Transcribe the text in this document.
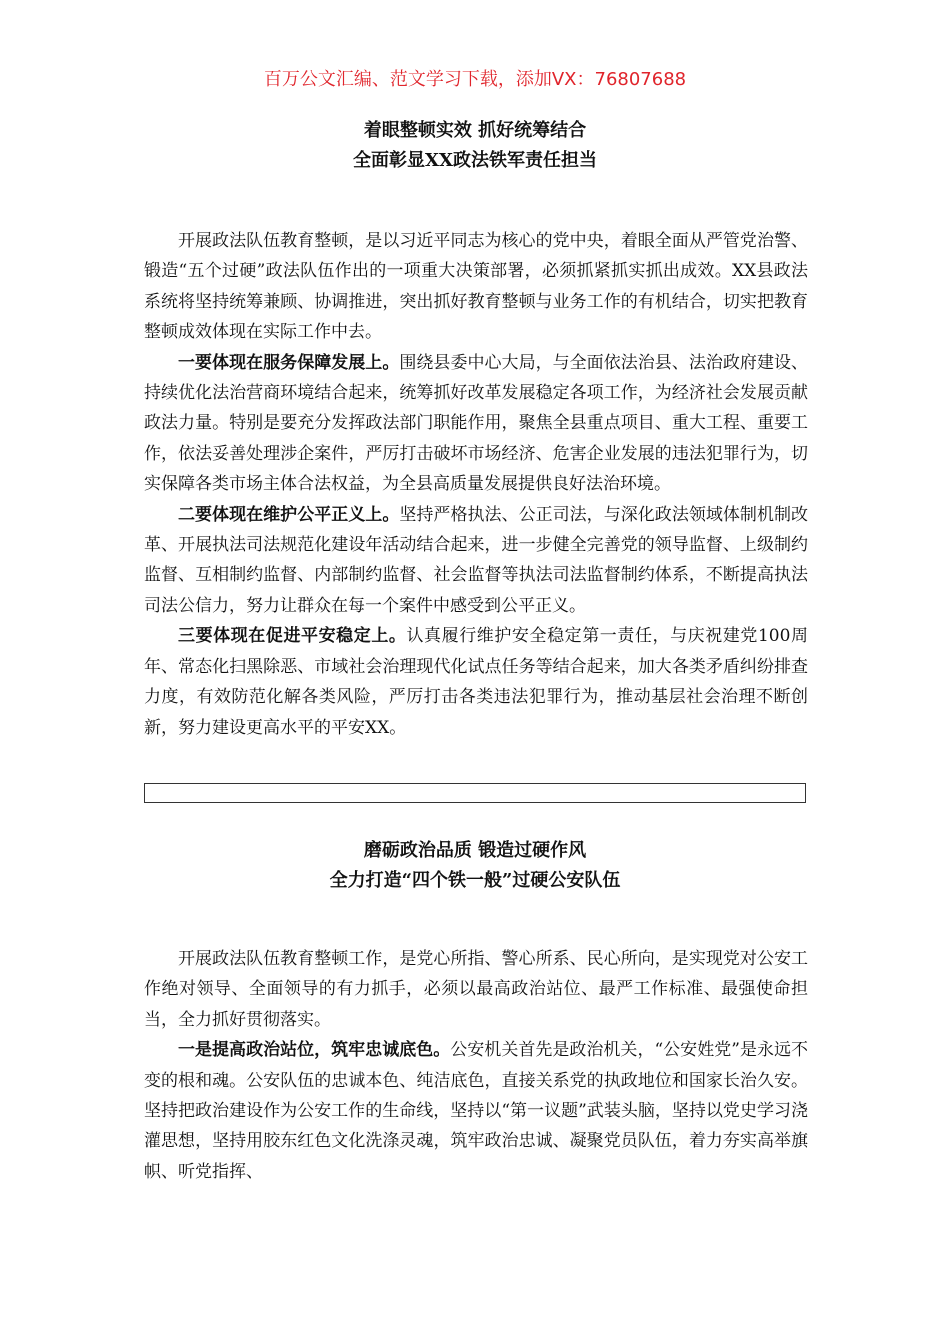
百万公文汇编、范文学习下载，添加VX：76807688
着眼整顿实效 抓好统筹结合
全面彰显XX政法铁军责任担当

开展政法队伍教育整顿，是以习近平同志为核心的党中央，着眼全面从严管党治警、锻造“五个过硬”政法队伍作出的一项重大决策部署，必须抓紧抓实抓出成效。XX县政法系统将坚持统筹兼顾、协调推进，突出抓好教育整顿与业务工作的有机结合，切实把教育整顿成效体现在实际工作中去。

一要体现在服务保障发展上。围绕县委中心大局，与全面依法治县、法治政府建设、持续优化法治营商环境结合起来，统筹抓好改革发展稳定各项工作，为经济社会发展贡献政法力量。特别是要充分发挥政法部门职能作用，聚焦全县重点项目、重大工程、重要工作，依法妥善处理涉企案件，严厉打击破坏市场经济、危害企业发展的违法犯罪行为，切实保障各类市场主体合法权益，为全县高质量发展提供良好法治环境。

二要体现在维护公平正义上。坚持严格执法、公正司法，与深化政法领域体制机制改革、开展执法司法规范化建设年活动结合起来，进一步健全完善党的领导监督、上级制约监督、互相制约监督、内部制约监督、社会监督等执法司法监督制约体系，不断提高执法司法公信力，努力让群众在每一个案件中感受到公平正义。

三要体现在促进平安稳定上。认真履行维护安全稳定第一责任，与庆祝建党100周年、常态化扫黑除恶、市域社会治理现代化试点任务等结合起来，加大各类矛盾纠纷排查力度，有效防范化解各类风险，严厉打击各类违法犯罪行为，推动基层社会治理不断创新，努力建设更高水平的平安XX。

磨砺政治品质 锻造过硬作风
全力打造“四个铁一般”过硬公安队伍

开展政法队伍教育整顿工作，是党心所指、警心所系、民心所向，是实现党对公安工作绝对领导、全面领导的有力抓手，必须以最高政治站位、最严工作标准、最强使命担当，全力抓好贯彻落实。

一是提高政治站位，筑牢忠诚底色。公安机关首先是政治机关，“公安姓党”是永远不变的根和魂。公安队伍的忠诚本色、纯洁底色，直接关系党的执政地位和国家长治久安。坚持把政治建设作为公安工作的生命线，坚持以“第一议题”武装头脑，坚持以党史学习浇灌思想，坚持用胶东红色文化洗涤灵魂，筑牢政治忠诚、凝聚党员队伍，着力夯实高举旗帜、听党指挥、
